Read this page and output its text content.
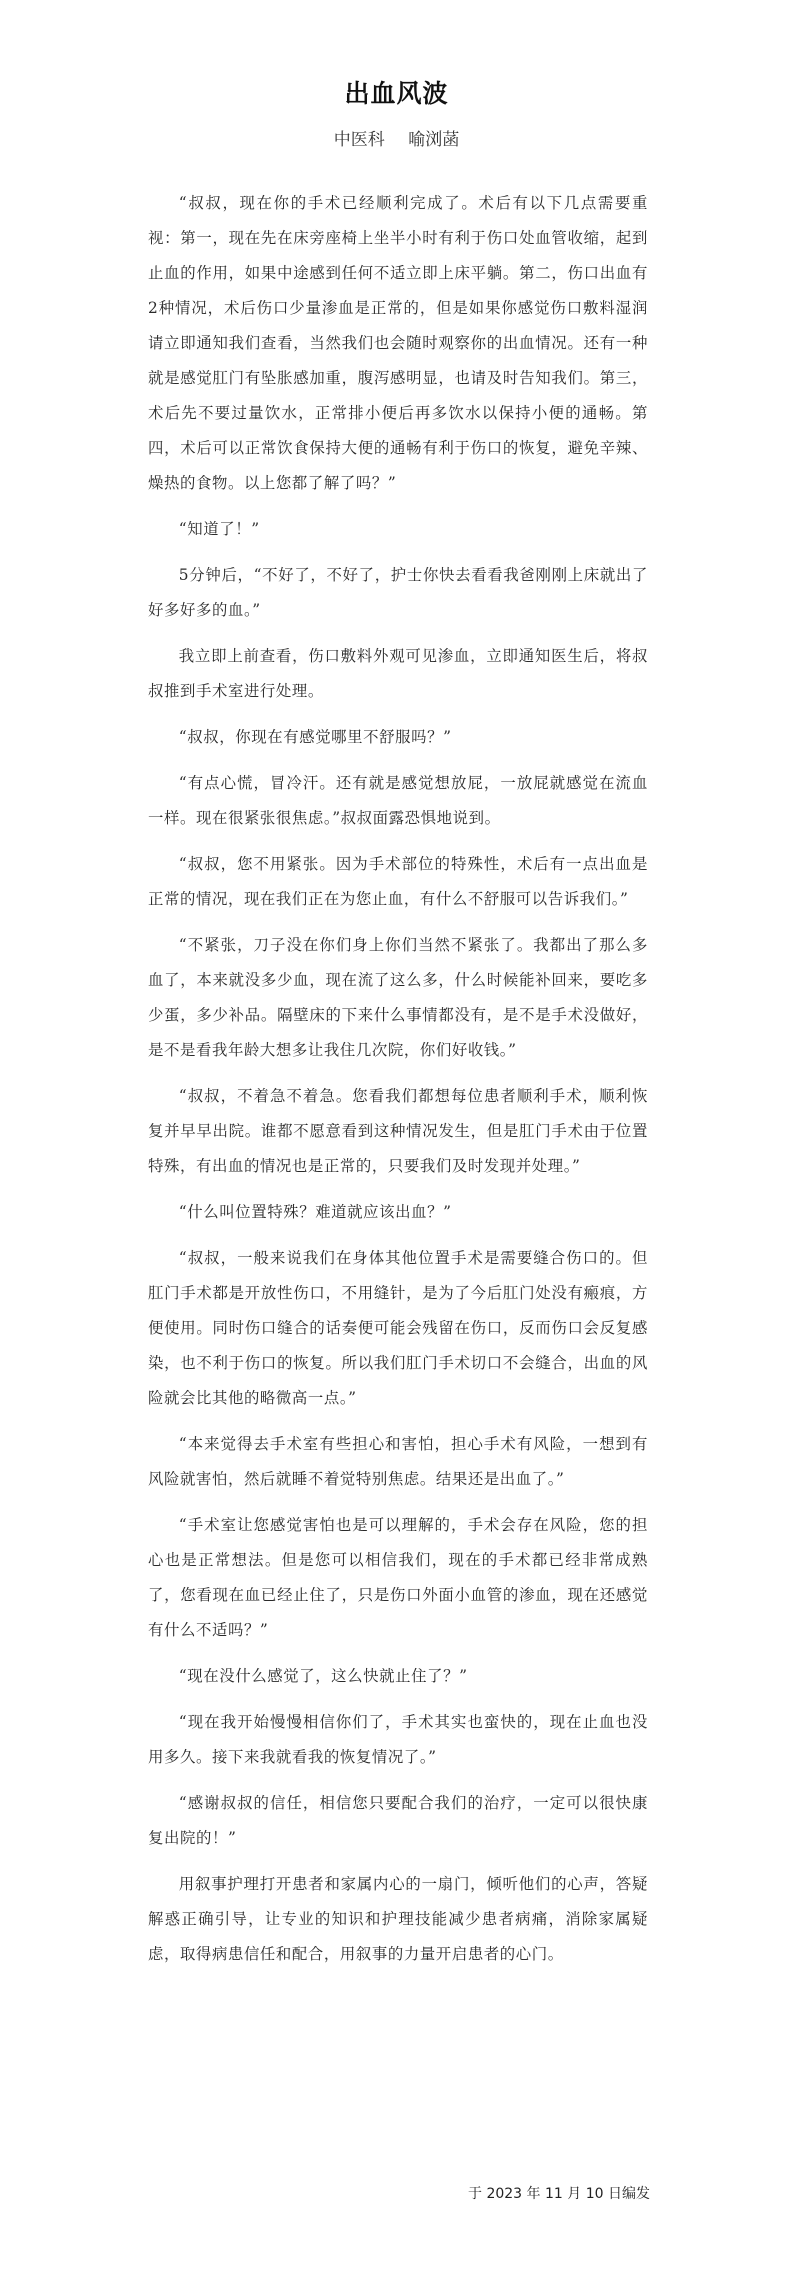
出血风波
中医科 喻浏菡

“叔叔，现在你的手术已经顺利完成了。术后有以下几点需要重视：第一，现在先在床旁座椅上坐半小时有利于伤口处血管收缩，起到止血的作用，如果中途感到任何不适立即上床平躺。第二，伤口出血有2种情况，术后伤口少量渗血是正常的，但是如果你感觉伤口敷料湿润请立即通知我们查看，当然我们也会随时观察你的出血情况。还有一种就是感觉肛门有坠胀感加重，腹泻感明显，也请及时告知我们。第三，术后先不要过量饮水，正常排小便后再多饮水以保持小便的通畅。第四，术后可以正常饮食保持大便的通畅有利于伤口的恢复，避免辛辣、燥热的食物。以上您都了解了吗？”

“知道了！”

5分钟后，“不好了，不好了，护士你快去看看我爸刚刚上床就出了好多好多的血。”

我立即上前查看，伤口敷料外观可见渗血，立即通知医生后，将叔叔推到手术室进行处理。

“叔叔，你现在有感觉哪里不舒服吗？”

“有点心慌，冒冷汗。还有就是感觉想放屁，一放屁就感觉在流血一样。现在很紧张很焦虑。”叔叔面露恐惧地说到。

“叔叔，您不用紧张。因为手术部位的特殊性，术后有一点出血是正常的情况，现在我们正在为您止血，有什么不舒服可以告诉我们。”

“不紧张，刀子没在你们身上你们当然不紧张了。我都出了那么多血了，本来就没多少血，现在流了这么多，什么时候能补回来，要吃多少蛋，多少补品。隔壁床的下来什么事情都没有，是不是手术没做好，是不是看我年龄大想多让我住几次院，你们好收钱。”

“叔叔，不着急不着急。您看我们都想每位患者顺利手术，顺利恢复并早早出院。谁都不愿意看到这种情况发生，但是肛门手术由于位置特殊，有出血的情况也是正常的，只要我们及时发现并处理。”

“什么叫位置特殊？难道就应该出血？”

“叔叔，一般来说我们在身体其他位置手术是需要缝合伤口的。但肛门手术都是开放性伤口，不用缝针，是为了今后肛门处没有瘢痕，方便使用。同时伤口缝合的话奏便可能会残留在伤口，反而伤口会反复感染，也不利于伤口的恢复。所以我们肛门手术切口不会缝合，出血的风险就会比其他的略微高一点。”

“本来觉得去手术室有些担心和害怕，担心手术有风险，一想到有风险就害怕，然后就睡不着觉特别焦虑。结果还是出血了。”

“手术室让您感觉害怕也是可以理解的，手术会存在风险，您的担心也是正常想法。但是您可以相信我们，现在的手术都已经非常成熟了，您看现在血已经止住了，只是伤口外面小血管的渗血，现在还感觉有什么不适吗？”

“现在没什么感觉了，这么快就止住了？”

“现在我开始慢慢相信你们了，手术其实也蛮快的，现在止血也没用多久。接下来我就看我的恢复情况了。”

“感谢叔叔的信任，相信您只要配合我们的治疗，一定可以很快康复出院的！”

用叙事护理打开患者和家属内心的一扇门，倾听他们的心声，答疑解惑正确引导，让专业的知识和护理技能减少患者病痛，消除家属疑虑，取得病患信任和配合，用叙事的力量开启患者的心门。

于 2023 年 11 月 10 日编发
